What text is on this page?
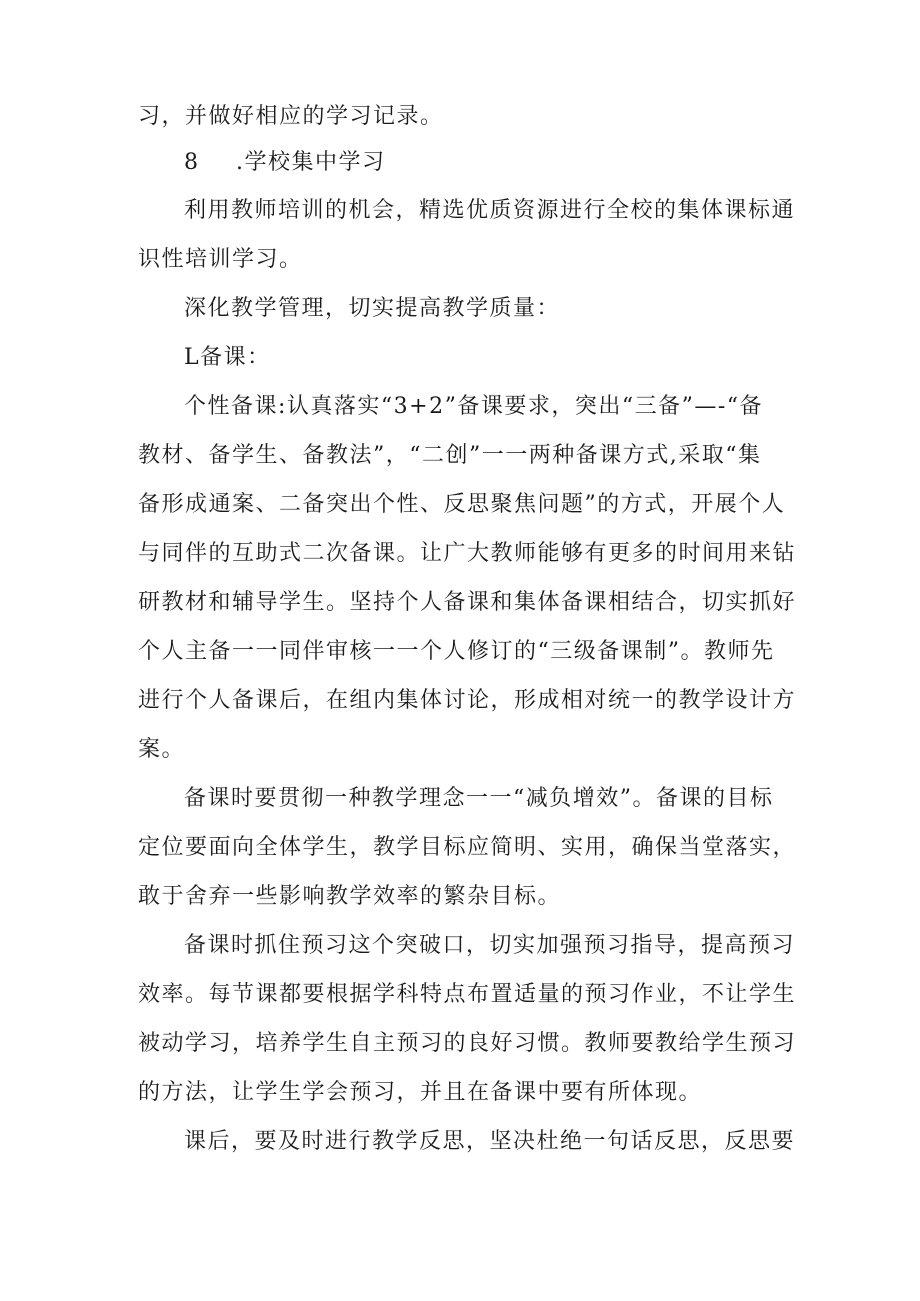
习，并做好相应的学习记录。
8 .学校集中学习
利用教师培训的机会，精选优质资源进行全校的集体课标通
识性培训学习。
深化教学管理，切实提高教学质量：
L备课：
个性备课:认真落实“3+2”备课要求，突出“三备”—-“备
教材、备学生、备教法”，“二创”一一两种备课方式,采取“集
备形成通案、二备突出个性、反思聚焦问题”的方式，开展个人
与同伴的互助式二次备课。让广大教师能够有更多的时间用来钻
研教材和辅导学生。坚持个人备课和集体备课相结合，切实抓好
个人主备一一同伴审核一一个人修订的“三级备课制”。教师先
进行个人备课后，在组内集体讨论，形成相对统一的教学设计方
案。
备课时要贯彻一种教学理念一一“减负增效”。备课的目标
定位要面向全体学生，教学目标应简明、实用，确保当堂落实，
敢于舍弃一些影响教学效率的繁杂目标。
备课时抓住预习这个突破口，切实加强预习指导，提高预习
效率。每节课都要根据学科特点布置适量的预习作业，不让学生
被动学习，培养学生自主预习的良好习惯。教师要教给学生预习
的方法，让学生学会预习，并且在备课中要有所体现。
课后，要及时进行教学反思，坚决杜绝一句话反思，反思要
